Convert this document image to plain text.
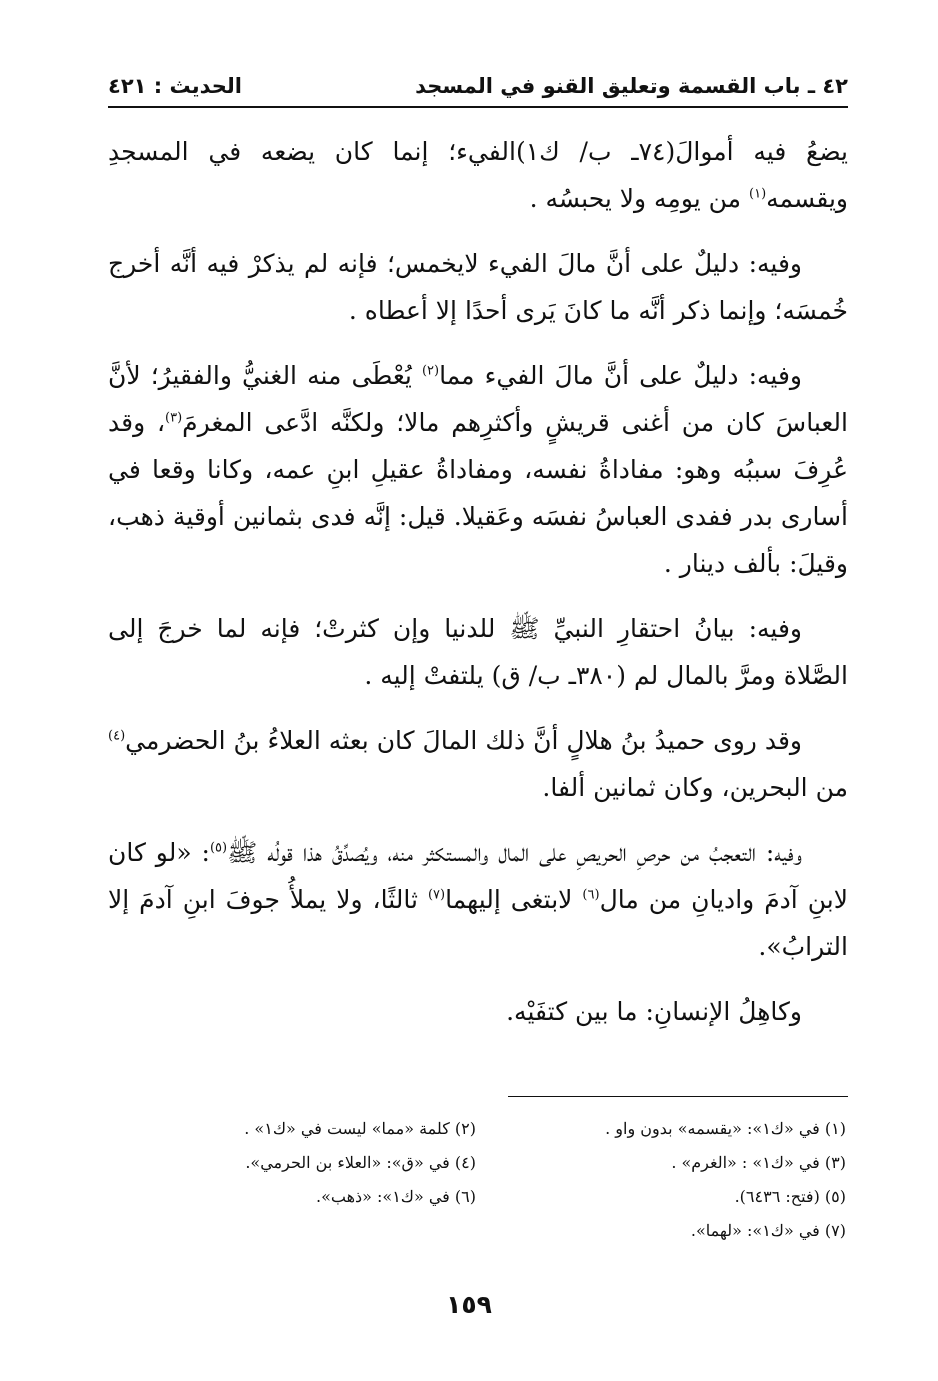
٤٢ ـ باب القسمة وتعليق القنو في المسجد
الحديث : ٤٢١

يضعُ فيه أموالَ(٧٤ـ ب/ ك١)الفيء؛ إنما كان يضعه في المسجدِ ويقسمه$^{(١)}$ من يومِه ولا يحبسُه .

وفيه: دليلٌ على أنَّ مالَ الفيء لايخمس؛ فإنه لم يذكرْ فيه أنَّه أخرج خُمسَه؛ وإنما ذكر أنَّه ما كانَ يَرى أحدًا إلا أعطاه .

وفيه: دليلٌ على أنَّ مالَ الفيء مما$^{(٢)}$ يُعْطَى منه الغنيُّ والفقيرُ؛ لأنَّ العباسَ كان من أغنى قريشٍ وأكثرِهم مالا؛ ولكنَّه ادَّعى المغرمَ$^{(٣)}$، وقد عُرِفَ سببُه وهو: مفاداةُ نفسه، ومفاداةُ عقيلِ ابنِ عمه، وكانا وقعا في أسارى بدر ففدى العباسُ نفسَه وعَقيلا. قيل: إنَّه فدى بثمانين أوقية ذهب، وقيلَ: بألف دينار .

وفيه: بيانُ احتقارِ النبيِّ ﷺ للدنيا وإن كثرتْ؛ فإنه لما خرجَ إلى الصَّلاة ومرَّ بالمال لم (٣٨٠ـ ب/ ق) يلتفتْ إليه .

وقد روى حميدُ بنُ هلالٍ أنَّ ذلك المالَ كان بعثه العلاءُ بنُ الحضرمي$^{(٤)}$ من البحرين، وكان ثمانين ألفا.

وفيه: التعجبُ من حرصِ الحريصِ على المال والمستكثر منه، ويُصدِّقُ هذا قولُه ﷺ$^{(٥)}$: «لو كان لابنِ آدمَ واديانِ من مال$^{(٦)}$ لابتغى إليهما$^{(٧)}$ ثالثًا، ولا يملأُ جوفَ ابنِ آدمَ إلا الترابُ».

وكاهِلُ الإنسانِ: ما بين كتفَيْه.

(١) في «ك١»: «يقسمه» بدون واو .
(٢) كلمة «مما» ليست في «ك١» .
(٣) في «ك١» : «الغرم» .
(٤) في «ق»: «العلاء بن الحرمي».
(٥) (فتح: ٦٤٣٦).
(٦) في «ك١»: «ذهب».
(٧) في «ك١»: «لهما».
١٥٩
